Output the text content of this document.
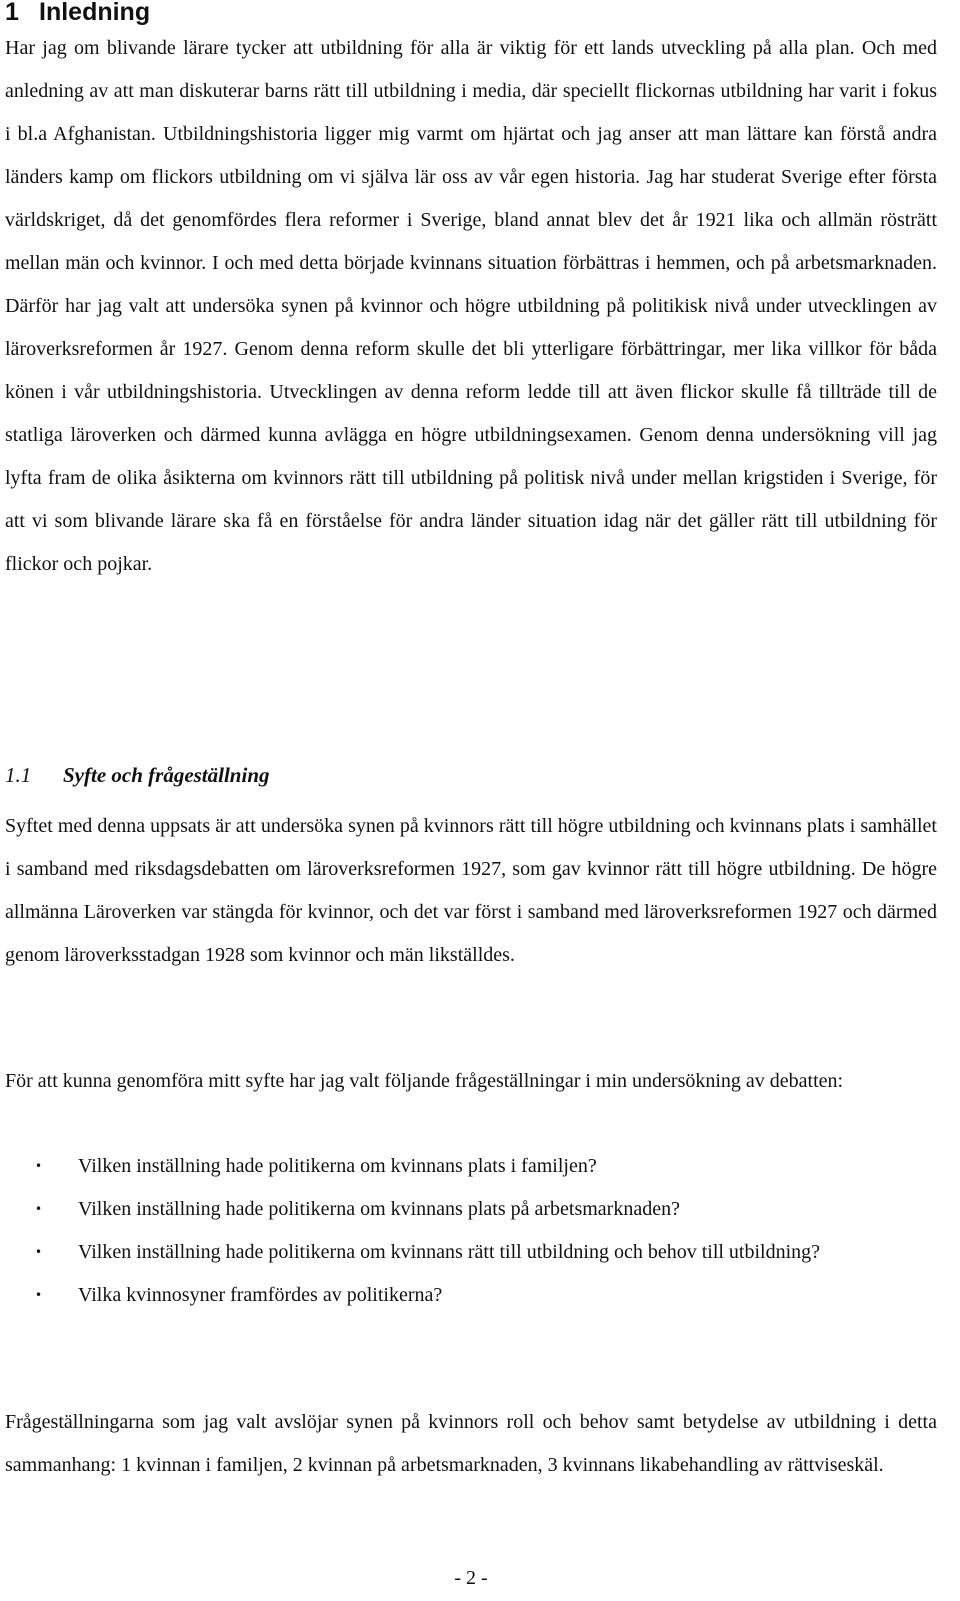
1 Inledning

Har jag om blivande lärare tycker att utbildning för alla är viktig för ett lands utveckling på alla plan. Och med anledning av att man diskuterar barns rätt till utbildning i media, där speciellt flickornas utbildning har varit i fokus i bl.a Afghanistan. Utbildningshistoria ligger mig varmt om hjärtat och jag anser att man lättare kan förstå andra länders kamp om flickors utbildning om vi själva lär oss av vår egen historia. Jag har studerat Sverige efter första världskriget, då det genomfördes flera reformer i Sverige, bland annat blev det år 1921 lika och allmän rösträtt mellan män och kvinnor. I och med detta började kvinnans situation förbättras i hemmen, och på arbetsmarknaden. Därför har jag valt att undersöka synen på kvinnor och högre utbildning på politikisk nivå under utvecklingen av läroverksreformen år 1927. Genom denna reform skulle det bli ytterligare förbättringar, mer lika villkor för båda könen i vår utbildningshistoria. Utvecklingen av denna reform ledde till att även flickor skulle få tillträde till de statliga läroverken och därmed kunna avlägga en högre utbildningsexamen. Genom denna undersökning vill jag lyfta fram de olika åsikterna om kvinnors rätt till utbildning på politisk nivå under mellan krigstiden i Sverige, för att vi som blivande lärare ska få en förståelse för andra länder situation idag när det gäller rätt till utbildning för flickor och pojkar.

1.1 Syfte och frågeställning

Syftet med denna uppsats är att undersöka synen på kvinnors rätt till högre utbildning och kvinnans plats i samhället i samband med riksdagsdebatten om läroverksreformen 1927, som gav kvinnor rätt till högre utbildning. De högre allmänna Läroverken var stängda för kvinnor, och det var först i samband med läroverksreformen 1927 och därmed genom läroverksstadgan 1928 som kvinnor och män likställdes.

För att kunna genomföra mitt syfte har jag valt följande frågeställningar i min undersökning av debatten:

• Vilken inställning hade politikerna om kvinnans plats i familjen?
• Vilken inställning hade politikerna om kvinnans plats på arbetsmarknaden?
• Vilken inställning hade politikerna om kvinnans rätt till utbildning och behov till utbildning?
• Vilka kvinnosyner framfördes av politikerna?

Frågeställningarna som jag valt avslöjar synen på kvinnors roll och behov samt betydelse av utbildning i detta sammanhang: 1 kvinnan i familjen, 2 kvinnan på arbetsmarknaden, 3 kvinnans likabehandling av rättviseskäl.

- 2 -
